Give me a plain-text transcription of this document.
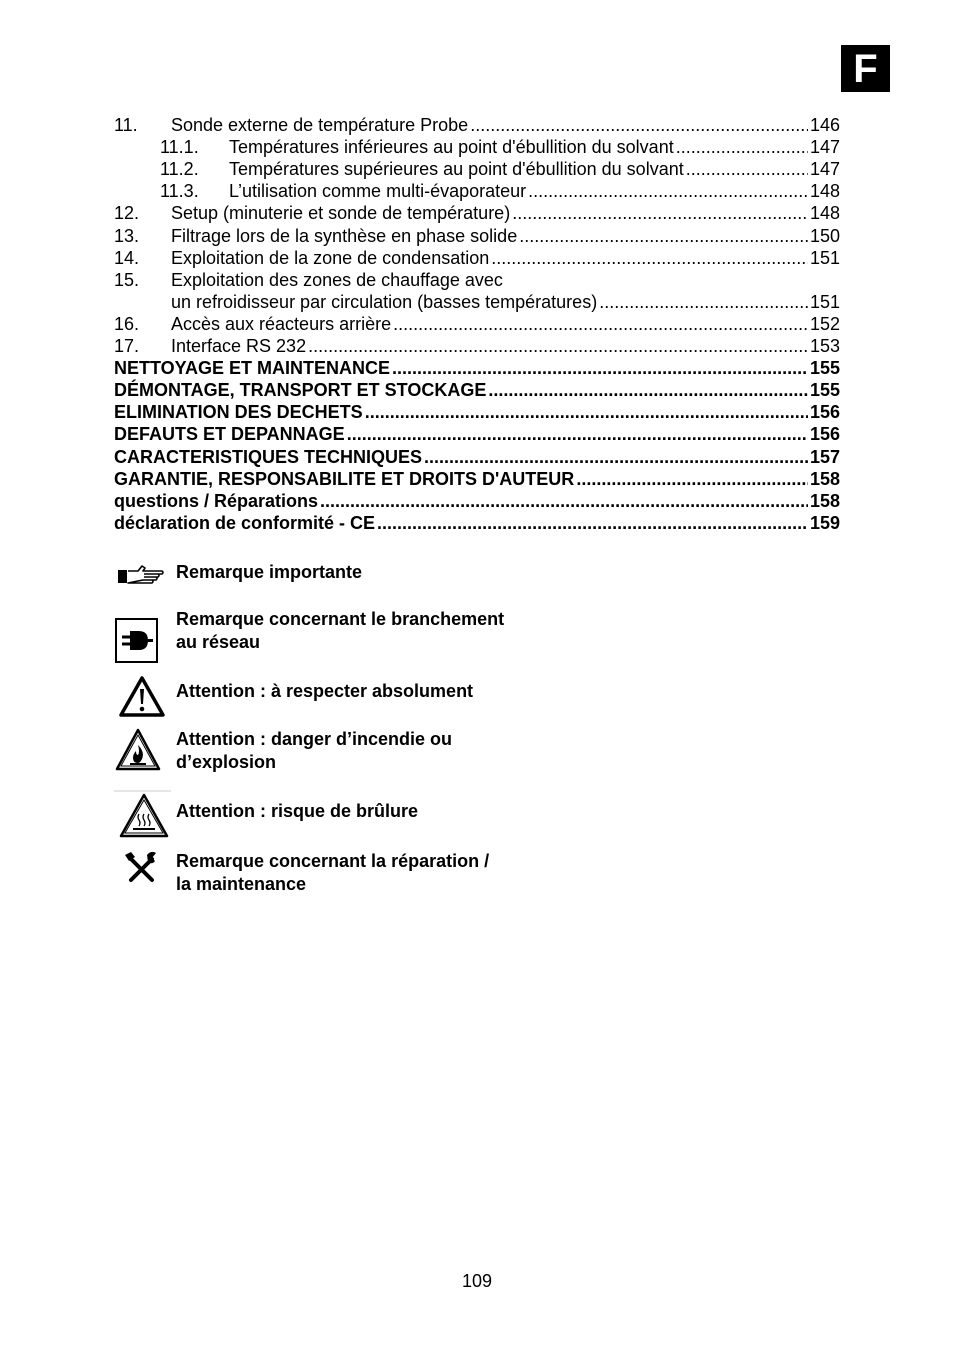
F
11.	Sonde externe de température Probe .....	146
11.1.	Températures inférieures au point d'ébullition du solvant .....	147
11.2.	Températures supérieures au point d'ébullition du solvant .....	147
11.3.	L’utilisation comme multi-évaporateur .....	148
12.	Setup (minuterie et sonde de température) .....	148
13.	Filtrage lors de la synthèse en phase solide .....	150
14.	Exploitation de la zone de condensation .....	151
15.	Exploitation des zones de chauffage avec
un refroidisseur par circulation (basses températures) .....	151
16.	Accès aux réacteurs arrière .....	152
17.	Interface RS 232 .....	153
NETTOYAGE ET MAINTENANCE .....	155
DÉMONTAGE, TRANSPORT ET STOCKAGE .....	155
ELIMINATION DES DECHETS .....	156
DEFAUTS ET DEPANNAGE .....	156
CARACTERISTIQUES TECHNIQUES .....	157
GARANTIE, RESPONSABILITE ET DROITS D'AUTEUR .....	158
questions / Réparations .....	158
déclaration de conformité - CE .....	159
Remarque importante
Remarque concernant le branchement
au réseau
Attention : à respecter absolument
Attention : danger d’incendie ou
d’explosion
Attention : risque de brûlure
Remarque concernant la réparation /
la maintenance
109
